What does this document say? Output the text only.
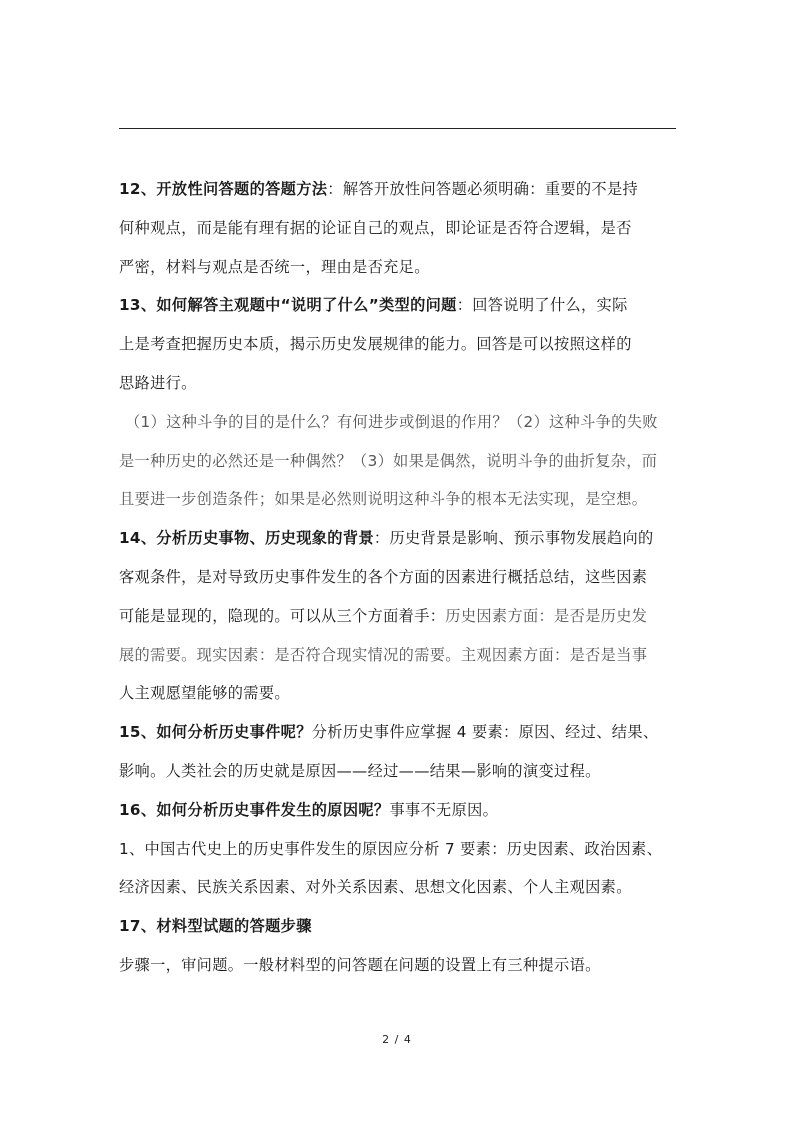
12、开放性问答题的答题方法：解答开放性问答题必须明确：重要的不是持

何种观点，而是能有理有据的论证自己的观点，即论证是否符合逻辑，是否

严密，材料与观点是否统一，理由是否充足。

13、如何解答主观题中“说明了什么”类型的问题：回答说明了什么，实际

上是考查把握历史本质，揭示历史发展规律的能力。回答是可以按照这样的

思路进行。

（1）这种斗争的目的是什么？有何进步或倒退的作用？（2）这种斗争的失败

是一种历史的必然还是一种偶然？（3）如果是偶然，说明斗争的曲折复杂，而

且要进一步创造条件；如果是必然则说明这种斗争的根本无法实现，是空想。

14、分析历史事物、历史现象的背景：历史背景是影响、预示事物发展趋向的

客观条件，是对导致历史事件发生的各个方面的因素进行概括总结，这些因素

可能是显现的，隐现的。可以从三个方面着手：历史因素方面：是否是历史发

展的需要。现实因素：是否符合现实情况的需要。主观因素方面：是否是当事

人主观愿望能够的需要。

15、如何分析历史事件呢？分析历史事件应掌握 4 要素：原因、经过、结果、

影响。人类社会的历史就是原因——经过——结果—影响的演变过程。

16、如何分析历史事件发生的原因呢？事事不无原因。

1、中国古代史上的历史事件发生的原因应分析 7 要素：历史因素、政治因素、

经济因素、民族关系因素、对外关系因素、思想文化因素、个人主观因素。

17、材料型试题的答题步骤

步骤一，审问题。一般材料型的问答题在问题的设置上有三种提示语。

2 / 4
